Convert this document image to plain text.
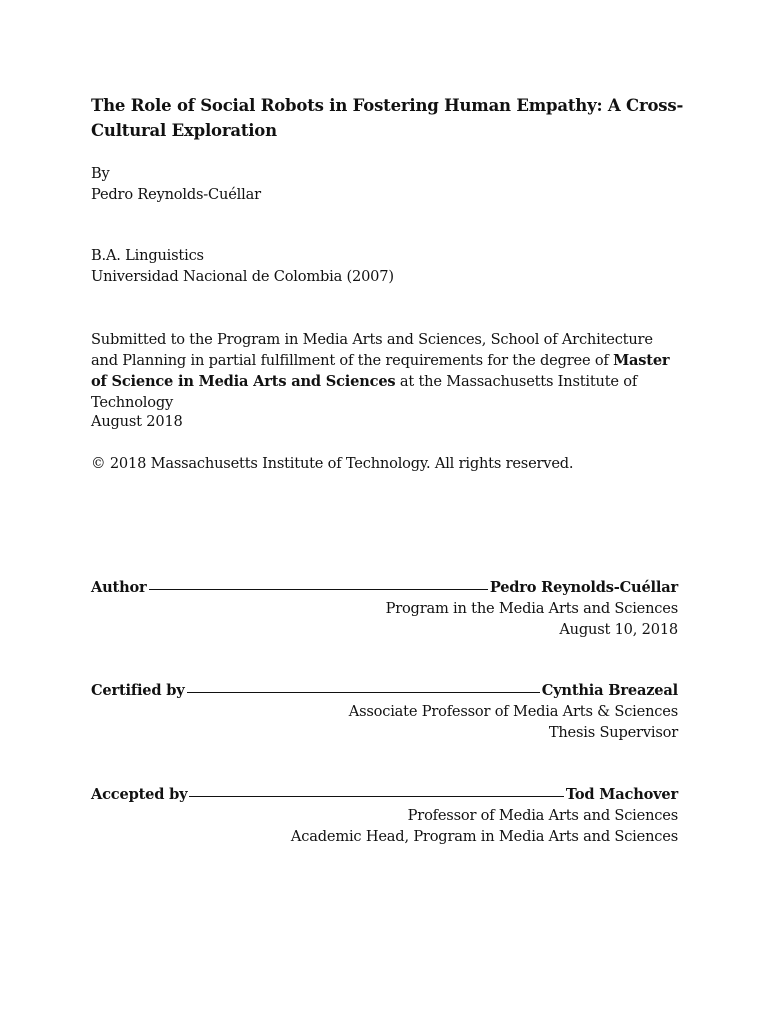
The Role of Social Robots in Fostering Human Empathy: A Cross-Cultural Exploration
By
Pedro Reynolds-Cuéllar
B.A. Linguistics
Universidad Nacional de Colombia (2007)
Submitted to the Program in Media Arts and Sciences, School of Architecture and Planning in partial fulfillment of the requirements for the degree of Master of Science in Media Arts and Sciences at the Massachusetts Institute of Technology
August 2018
© 2018 Massachusetts Institute of Technology. All rights reserved.
Author	Pedro Reynolds-Cuéllar
Program in the Media Arts and Sciences
August 10, 2018
Certified by	Cynthia Breazeal
Associate Professor of Media Arts & Sciences
Thesis Supervisor
Accepted by	Tod Machover
Professor of Media Arts and Sciences
Academic Head, Program in Media Arts and Sciences
